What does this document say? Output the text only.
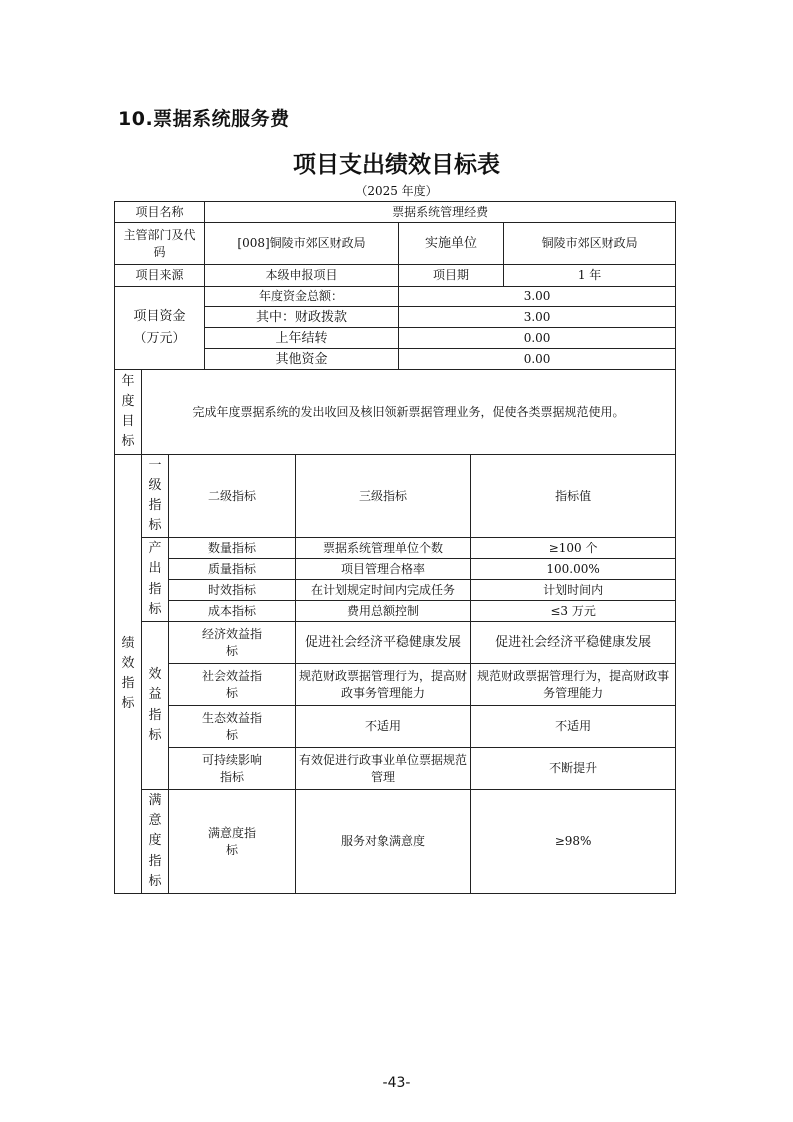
10.票据系统服务费
项目支出绩效目标表
（2025 年度）
项目名称			票据系统管理经费				
主管部门及代码			[008]铜陵市郊区财政局		实施单位		铜陵市郊区财政局
项目来源			本级申报项目		项目期		1 年

项目资金（万元）			年度资金总额：		3.00		
			其中：财政拨款		3.00		
			上年结转		0.00		
			其他资金		0.00		

年度目标	完成年度票据系统的发出收回及核旧领新票据管理业务，促使各类票据规范使用。						

绩效指标	一级指标	二级指标		三级指标		指标值	

	产出指标	数量指标		票据系统管理单位个数		≥100 个	
		质量指标		项目管理合格率		100.00%	
		时效指标		在计划规定时间内完成任务		计划时间内	
		成本指标		费用总额控制		≤3 万元	

	效益指标	经济效益指标		促进社会经济平稳健康发展		促进社会经济平稳健康发展	

		社会效益指标		规范财政票据管理行为，提高财政事务管理能力		规范财政票据管理行为，提高财政事务管理能力	

		生态效益指标		不适用		不适用	

		可持续影响指标		有效促进行政事业单位票据规范管理		不断提升	

	满意度指标	满意度指标		服务对象满意度		≥98%	
-43-
